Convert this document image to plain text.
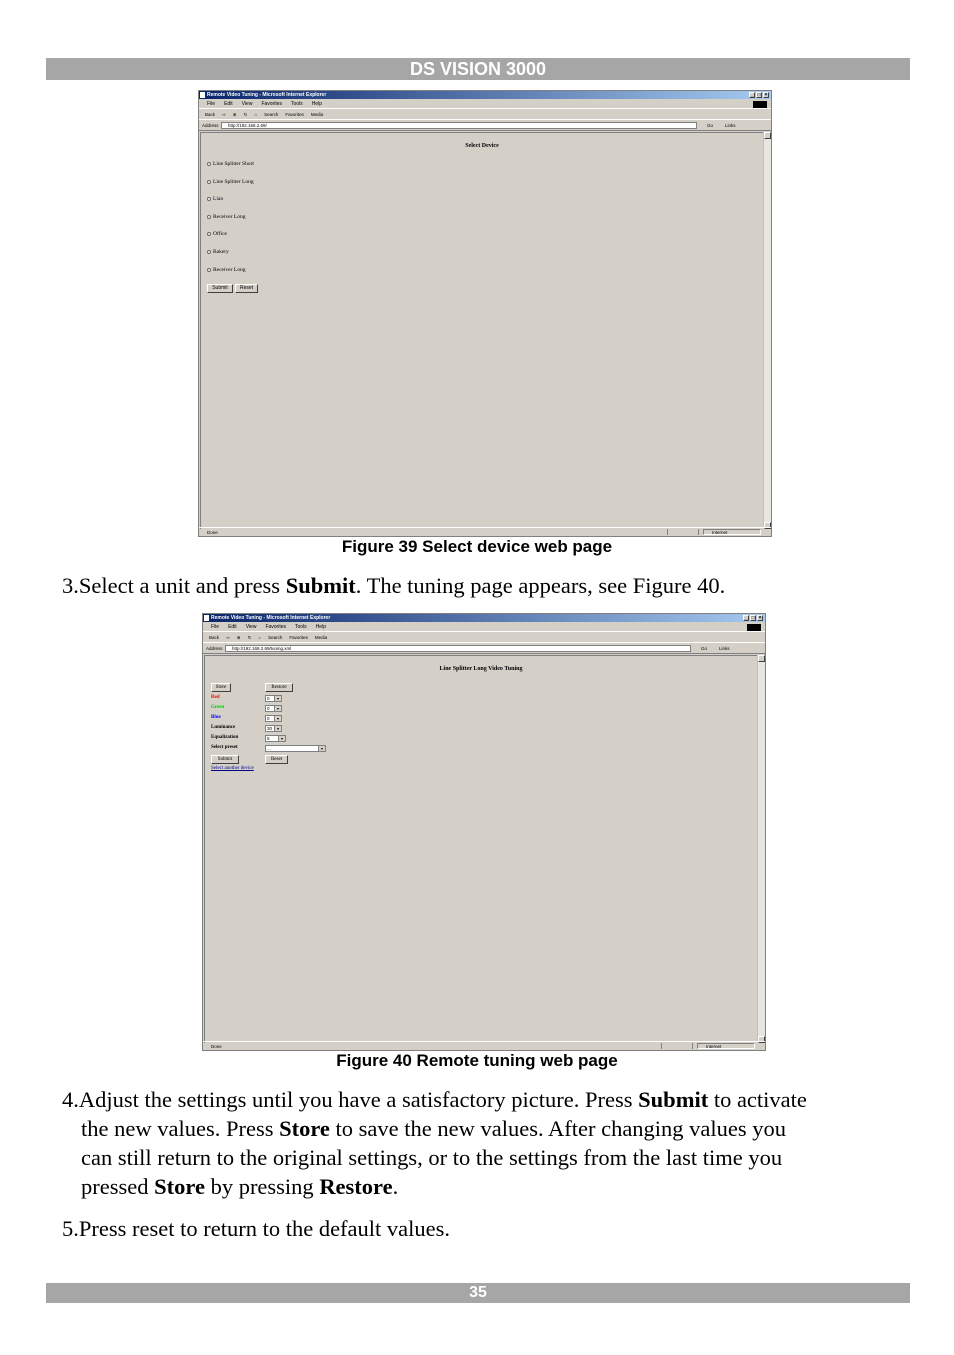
DS VISION 3000
Remote Video Tuning - Microsoft Internet Explorer	_ □ ×
File Edit View Favorites Tools Help
Back ⇨ ⊗ ↻ ⌂ Search Favorites Media
Address	http://192.168.2.69/	Go	Links
Select Device
Line Splitter Short
Line Splitter Long
Lian
Receiver Long
Office
Bakery
Receiver Long
Submit	Reset
Done	Internet
Figure 39 Select device web page
3.Select a unit and press Submit. The tuning page appears, see Figure 40.
Remote Video Tuning - Microsoft Internet Explorer	_ □ ×
File Edit View Favorites Tools Help
Back ⇨ ⊗ ↻ ⌂ Search Favorites Media
Address	http://192.168.2.69/tuning.xml	Go	Links
Line Splitter Long Video Tuning
Store	Restore
Red	0	▾
Green	0	▾
Blue	0	▾
Luminance	30	▾
Equalization	5	▾
Select preset	...	▾
Submit	Reset
Select another device
Done	Internet
Figure 40 Remote tuning web page
4.Adjust the settings until you have a satisfactory picture. Press Submit to activate
the new values. Press Store to save the new values. After changing values you
can still return to the original settings, or to the settings from the last time you
pressed Store by pressing Restore.
5.Press reset to return to the default values.
35
